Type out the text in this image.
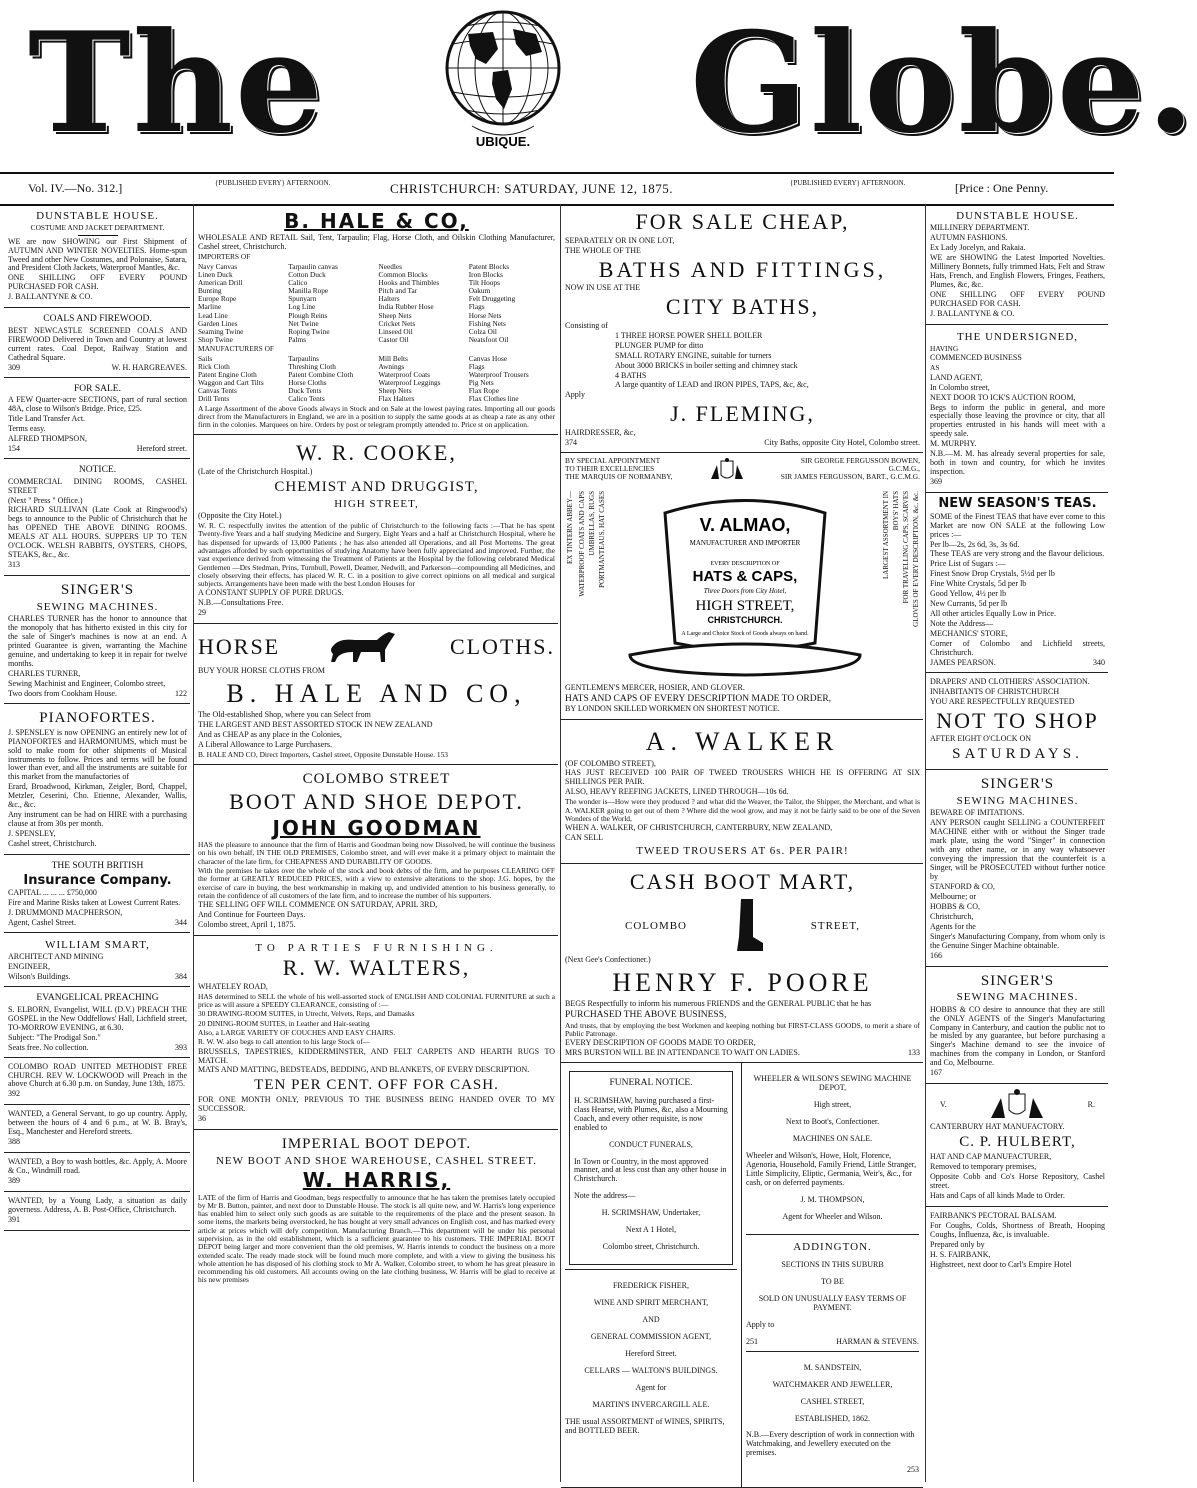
The	UBIQUE. Globe.
Vol. IV.—No. 312.]	{PUBLISHED EVERY} AFTERNOON.	CHRISTCHURCH: SATURDAY, JUNE 12, 1875.	{PUBLISHED EVERY} AFTERNOON.	[Price : One Penny.
DUNSTABLE HOUSE.
COSTUME AND JACKET DEPARTMENT.

WE are now SHOWING our First Shipment of AUTUMN AND WINTER NOVELTIES. Home-spun Tweed and other New Costumes, and Polonaise, Satara, and President Cloth Jackets, Waterproof Mantles, &c.

ONE SHILLING OFF EVERY POUND PURCHASED FOR CASH.

J. BALLANTYNE & CO.

COALS AND FIREWOOD.

BEST NEWCASTLE SCREENED COALS AND FIREWOOD Delivered in Town and Country at lowest current rates. Coal Depot, Railway Station and Cathedral Square.

309	W. H. HARGREAVES.
FOR SALE.

A FEW Quarter-acre SECTIONS, part of rural section 48A, close to Wilson's Bridge. Price, £25.

Title Land Transfer Act.

Terms easy.

ALFRED THOMPSON,

154	Hereford street.
NOTICE.

COMMERCIAL DINING ROOMS, CASHEL STREET

(Next " Press " Office.)

RICHARD SULLIVAN (Late Cook at Ringwood's) begs to announce to the Public of Christchurch that he has OPENED THE ABOVE DINING ROOMS. MEALS AT ALL HOURS. SUPPERS UP TO TEN O'CLOCK. WELSH RABBITS, OYSTERS, CHOPS, STEAKS, &c., &c.

313

SINGER'S
SEWING MACHINES.

CHARLES TURNER has the honor to announce that the monopoly that has hitherto existed in this city for the sale of Singer's machines is now at an end. A printed Guarantee is given, warranting the Machine genuine, and undertaking to keep it in repair for twelve months.

CHARLES TURNER,

Sewing Machinist and Engineer, Colombo street,

Two doors from Cookham House.	122
PIANOFORTES.

J. SPENSLEY is now OPENING an entirely new lot of PIANOFORTES and HARMONIUMS, which must be sold to make room for other shipments of Musical instruments to follow. Prices and terms will be found lower than ever, and all the instruments are suitable for this market from the manufactories of

Erard, Broadwood, Kirkman, Zeigler, Bord, Chappel, Metzler, Ceserini, Cho. Etienne, Alexander, Wallis, &c., &c.

Any instrument can be had on HIRE with a purchasing clause at from 30s per month.

J. SPENSLEY,

Cashel street, Christchurch.

THE SOUTH BRITISH
Insurance Company.

CAPITAL ... ... ... £750,000

Fire and Marine Risks taken at Lowest Current Rates.

J. DRUMMOND MACPHERSON,

Agent, Cashel Street.	344
WILLIAM SMART,

ARCHITECT AND MINING

ENGINEER,

Wilson's Buildings.	384
EVANGELICAL PREACHING

S. ELBORN, Evangelist, WILL (D.V.) PREACH THE GOSPEL in the New Oddfellows' Hall, Lichfield street, TO-MORROW EVENING, at 6.30.

Subject: "The Prodigal Son."

Seats free. No collection.	393

COLOMBO ROAD UNITED METHODIST FREE CHURCH. REV W. LOCKWOOD will Preach in the above Church at 6.30 p.m. on Sunday, June 13th, 1875.

392

WANTED, a General Servant, to go up country. Apply, between the hours of 4 and 6 p.m., at W. B. Bray's, Esq., Manchester and Hereford streets.

388

WANTED, a Boy to wash bottles, &c. Apply, A. Moore & Co., Windmill road.

389

WANTED, by a Young Lady, a situation as daily governess. Address, A. B. Post-Office, Christchurch.

391

B. HALE & CO,

WHOLESALE AND RETAIL Sail, Tent, Tarpaulin; Flag, Horse Cloth, and Oilskin Clothing Manufacturer, Cashel street, Christchurch.

IMPORTERS OF

Navy Canvas	Tarpaulin canvas	Needles	Patent Blocks
Linen Duck	Cotton Duck	Common Blocks	Iron Blocks
American Drill	Calico	Hooks and Thimbles	Tilt Hoops
Bunting	Manilla Rope	Pitch and Tar	Oakum
Europe Rope	Spunyarn	Halters	Felt Druggeting
Marline	Log Line	India Rubber Hose	Flags
Lead Line	Plough Reins	Sheep Nets	Horse Nets
Garden Lines	Net Twine	Cricket Nets	Fishing Nets
Seaming Twine	Roping Twine	Linseed Oil	Colza Oil
Shop Twine	Palms	Castor Oil	Neatsfoot Oil

MANUFACTURERS OF

Sails	Tarpaulins	Mill Belts	Canvas Hose
Rick Cloth	Threshing Cloth	Awnings	Flags
Patent Engine Cloth	Patent Combine Cloth	Waterproof Coats	Waterproof Trousers
Waggon and Cart Tilts	Horse Cloths	Waterproof Leggings	Pig Nets
Canvas Tents	Duck Tents	Sheep Nets	Flax Rope
Drill Tents	Calico Tents	Flax Halters	Flax Clothes line

A Large Assortment of the above Goods always in Stock and on Sale at the lowest paying rates. Importing all our goods direct from the Manufacturers in England, we are in a position to supply the same goods at as cheap a rate as any other firm in the colonies. Marquees on hire. Orders by post or telegram promptly attended to. Price st on application.

W. R. COOKE,

(Late of the Christchurch Hospital.)

CHEMIST AND DRUGGIST,
HIGH STREET,

(Opposite the City Hotel.)

W. R. C. respectfully invites the attention of the public of Christchurch to the following facts :—That he has spent Twenty-five Years and a half studying Medicine and Surgery, Eight Years and a half at Christchurch Hospital, where he has dispensed for upwards of 13,000 Patients ; he has also attended all Operations, and all Post Mortems. The great advantages afforded by such opportunities of studying Anatomy have been fully appreciated and improved. Further, the vast experience derived from witnessing the Treatment of Patients at the Hospital by the following celebrated Medical Gentlemen —Drs Stedman, Prins, Turnbull, Powell, Deamer, Nedwill, and Parkerson—compounding all Medicines, and closely observing their effects, has placed W. R. C. in a position to give correct opinions on all medical and surgical subjects. Arrangements have been made with the best London Houses for

A CONSTANT SUPPLY OF PURE DRUGS.

N.B.—Consultations Free.

29

HORSE	CLOTHS.

BUY YOUR HORSE CLOTHS FROM

B. HALE AND CO,

The Old-established Shop, where you can Select from

THE LARGEST AND BEST ASSORTED STOCK IN NEW ZEALAND

And as CHEAP as any place in the Colonies,

A Liberal Allowance to Large Purchasers.

B. HALE AND CO, Direct Importers, Cashel street, Opposite Dunstable House. 153

COLOMBO STREET
BOOT AND SHOE DEPOT.
JOHN GOODMAN

HAS the pleasure to announce that the firm of Harris and Goodman being now Dissolved, he will continue the business on his own behalf, IN THE OLD PREMISES, Colombo street, and will ever make it a primary object to maintain the character of the late firm, for CHEAPNESS AND DURABILITY OF GOODS.

With the premises he takes over the whole of the stock and book debts of the firm, and he purposes CLEARING OFF the former at GREATLY REDUCED PRICES, with a view to extensive alterations to the shop. J.G. hopes, by the exercise of care in buying, the best workmanship in making up, and undivided attention to his business generally, to retain the confidence of all customers of the late firm, and to increase the number of his supporters.

THE SELLING OFF WILL COMMENCE ON SATURDAY, APRIL 3RD,

And Continue for Fourteen Days.

Colombo street, April 1, 1875.

TO PARTIES FURNISHING.
R. W. WALTERS,

WHATELEY ROAD,

HAS determined to SELL the whole of his well-assorted stock of ENGLISH AND COLONIAL FURNITURE at such a price as will assure a SPEEDY CLEARANCE, consisting of :—

30 DRAWING-ROOM SUITES, in Utrecht, Velvets, Reps, and Damasks

20 DINING-ROOM SUITES, in Leather and Hair-seating

Also, a LARGE VARIETY OF COUCHES AND EASY CHAIRS.

R. W. W. also begs to call attention to his large Stock of—

BRUSSELS, TAPESTRIES, KIDDERMINSTER, AND FELT CARPETS AND HEARTH RUGS TO MATCH.

MATS AND MATTING, BEDSTEADS, BEDDING, AND BLANKETS, OF EVERY DESCRIPTION.

TEN PER CENT. OFF FOR CASH.

FOR ONE MONTH ONLY, PREVIOUS TO THE BUSINESS BEING HANDED OVER TO MY SUCCESSOR.

36

IMPERIAL BOOT DEPOT.
NEW BOOT AND SHOE WAREHOUSE, CASHEL STREET.
W. HARRIS,

LATE of the firm of Harris and Goodman, begs respectfully to announce that he has taken the premises lately occupied by Mr B. Button, painter, and next door to Dunstable House. The stock is all quite new, and W. Harris's long experience has enabled him to select only such goods as are suitable to the requirements of the place and the present season. In some items, the markets being overstocked, he has bought at very small advances on English cost, and has marked every article at prices which will defy competition. Manufacturing Branch.—This department will be under his personal supervision, as in the old establishment, which is a sufficient guarantee to his customers. THE IMPERIAL BOOT DEPOT being larger and more convenient than the old premises, W. Harris intends to conduct the business on a more extended scale. The ready made stock will be found much more complete, and with a view to giving the business his whole attention he has disposed of his clothing stock to Mr A. Walker, Colombo street, to whom he has great pleasure in recommending his old customers. All accounts owing on the late clothing business, W. Harris will be glad to receive at his new premises

FOR SALE CHEAP,

SEPARATELY OR IN ONE LOT,

THE WHOLE OF THE

BATHS AND FITTINGS,

NOW IN USE AT THE

CITY BATHS,

Consisting of

1 THREE HORSE POWER SHELL BOILER

PLUNGER PUMP for ditto

SMALL ROTARY ENGINE, suitable for turners

About 3000 BRICKS in boiler setting and chimney stack

4 BATHS

A large quantity of LEAD and IRON PIPES, TAPS, &c, &c,

Apply

J. FLEMING,

HAIRDRESSER, &c,

374	City Baths, opposite City Hotel, Colombo street.
BY SPECIAL APPOINTMENT
TO THEIR EXCELLENCIES
THE MARQUIS OF NORMANBY,
SIR GEORGE FERGUSSON BOWEN,
G.C.M.G.,
SIR JAMES FERGUSSON, BART., G.C.M.G.
EX TINTERN ABBEY— WATERPROOF COATS AND CAPS UMBRELLAS, RUGS PORTMANTEAUS, HAT CASES	V. ALMAO,
MANUFACTURER AND IMPORTER
EVERY DESCRIPTION OF
HATS & CAPS,
Three Doors from City Hotel,
HIGH STREET,
CHRISTCHURCH.
A Large and Choice Stock of Goods always on hand.
LARGEST ASSORTMENT IN BOYS' HATS FOR TRAVELLING CAPS, SCARVES GLOVES OF EVERY DESCRIPTION, &c, &c.

GENTLEMEN'S MERCER, HOSIER, AND GLOVER.

HATS AND CAPS OF EVERY DESCRIPTION MADE TO ORDER,

BY LONDON SKILLED WORKMEN ON SHORTEST NOTICE.

A. WALKER

(OF COLOMBO STREET),

HAS JUST RECEIVED 100 PAIR OF TWEED TROUSERS WHICH HE IS OFFERING AT SIX SHILLINGS PER PAIR.

ALSO, HEAVY REEFING JACKETS, LINED THROUGH—10s 6d.

The wonder is—How were they produced ? and what did the Weaver, the Tailor, the Shipper, the Merchant, and what is A. WALKER going to get out of them ? Where did the wool grow, and may it not be fairly said to be one of the Seven Wonders of the World,

WHEN A. WALKER, OF CHRISTCHURCH, CANTERBURY, NEW ZEALAND,

CAN SELL

TWEED TROUSERS AT 6s. PER PAIR!
CASH BOOT MART,
COLOMBO	STREET,

(Next Gee's Confectioner.)

HENRY F. POORE

BEGS Respectfully to inform his numerous FRIENDS and the GENERAL PUBLIC that he has

PURCHASED THE ABOVE BUSINESS,

And trusts, that by employing the best Workmen and keeping nothing but FIRST-CLASS GOODS, to merit a share of Public Patronage.

EVERY DESCRIPTION OF GOODS MADE TO ORDER,

MRS BURSTON WILL BE IN ATTENDANCE TO WAIT ON LADIES.	133
FUNERAL NOTICE.

H. SCRIMSHAW, having purchased a first-class Hearse, with Plumes, &c, also a Mourning Coach, and every other requisite, is now enabled to

CONDUCT FUNERALS,

In Town or Country, in the most approved manner, and at less cost than any other house in Christchurch.

Note the address—

H. SCRIMSHAW, Undertaker,

Next A 1 Hotel,

Colombo street, Christchurch.

FREDERICK FISHER,

WINE AND SPIRIT MERCHANT,

AND

GENERAL COMMISSION AGENT,

Hereford Street.

CELLARS — WALTON'S BUILDINGS.

Agent for

MARTIN'S INVERCARGILL ALE.

THE usual ASSORTMENT of WINES, SPIRITS, and BOTTLED BEER.

WHEELER & WILSON'S SEWING MACHINE DEPOT,

High street,

Next to Boot's, Confectioner.

MACHINES ON SALE.

Wheeler and Wilson's, Howe, Holt, Florence, Agenoria, Household, Family Friend, Little Stranger, Little Simplicity, Eliptic, Germania, Weir's, &c., for cash, or on deferred payments.

J. M. THOMPSON,

Agent for Wheeler and Wilson.

ADDINGTON.

SECTIONS IN THIS SUBURB

TO BE

SOLD ON UNUSUALLY EASY TERMS OF PAYMENT.

Apply to

251	HARMAN & STEVENS.

M. SANDSTEIN,

WATCHMAKER AND JEWELLER,

CASHEL STREET,

ESTABLISHED, 1862.

N.B.—Every description of work in connection with Watchmaking, and Jewellery executed on the premises.

253

DUNSTABLE HOUSE.

MILLINERY DEPARTMENT.

AUTUMN FASHIONS.

Ex Lady Jocelyn, and Rakaia.

WE are SHOWING the Latest Imported Novelties. Millinery Bonnets, fully trimmed Hats, Felt and Straw Hats, French, and English Flowers, Fringes, Feathers, Plumes, &c, &c.

ONE SHILLING OFF EVERY POUND PURCHASED FOR CASH.

J. BALLANTYNE & CO.

THE UNDERSIGNED,

HAVING

COMMENCED BUSINESS

AS

LAND AGENT,

In Colombo street,

NEXT DOOR TO ICK'S AUCTION ROOM,

Begs to inform the public in general, and more especially those leaving the province or city, that all properties entrusted in his hands will meet with a speedy sale.

M. MURPHY.

N.B.—M. M. has already several properties for sale, both in town and country, for which he invites inspection.

369

NEW SEASON'S TEAS.

SOME of the Finest TEAS that have ever come to this Market are now ON SALE at the following Low prices :—

Per lb—2s, 2s 6d, 3s, 3s 6d.

These TEAS are very strong and the flavour delicious.

Price List of Sugars :—

Finest Snow Drop Crystals, 5½d per lb

Fine White Crystals, 5d per lb

Good Yellow, 4½ per lb

New Currants, 5d per lb

All other articles Equally Low in Price.

Note the Address—

MECHANICS' STORE,

Corner of Colombo and Lichfield streets, Christchurch.

JAMES PEARSON.	340

DRAPERS' AND CLOTHIERS' ASSOCIATION.

INHABITANTS OF CHRISTCHURCH

YOU ARE RESPECTFULLY REQUESTED

NOT TO SHOP

AFTER EIGHT O'CLOCK ON

SATURDAYS.
SINGER'S
SEWING MACHINES.

BEWARE OF IMITATIONS.

ANY PERSON caught SELLING a COUNTERFEIT MACHINE either with or without the Singer trade mark plate, using the word "Singer" in connection with any other name, or in any way whatsoever conveying the impression that the counterfeit is a Singer, will be PROSECUTED without further notice by

STANFORD & CO,

Melbourne; or

HOBBS & CO,

Christchurch,

Agents for the

Singer's Manufacturing Company, from whom only is the Genuine Singer Machine obtainable.

166

SINGER'S
SEWING MACHINES.

HOBBS & CO desire to announce that they are still the ONLY AGENTS of the Singer's Manufacturing Company in Canterbury, and caution the public not to be misled by any guarantee, but before purchasing a Singer's Machine demand to see the invoice of machines from the company in London, or Stanford and Co, Melbourne.

167

V.	R.

CANTERBURY HAT MANUFACTORY.

C. P. HULBERT,

HAT AND CAP MANUFACTURER,

Removed to temporary premises,

Opposite Cobb and Co's Horse Repository, Cashel street.

Hats and Caps of all kinds Made to Order.

FAIRBANK'S PECTORAL BALSAM.

For Coughs, Colds, Shortness of Breath, Hooping Coughs, Influenza, &c, is invaluable.

Prepared only by

H. S. FAIRBANK,

Highstreet, next door to Carl's Empire Hotel
